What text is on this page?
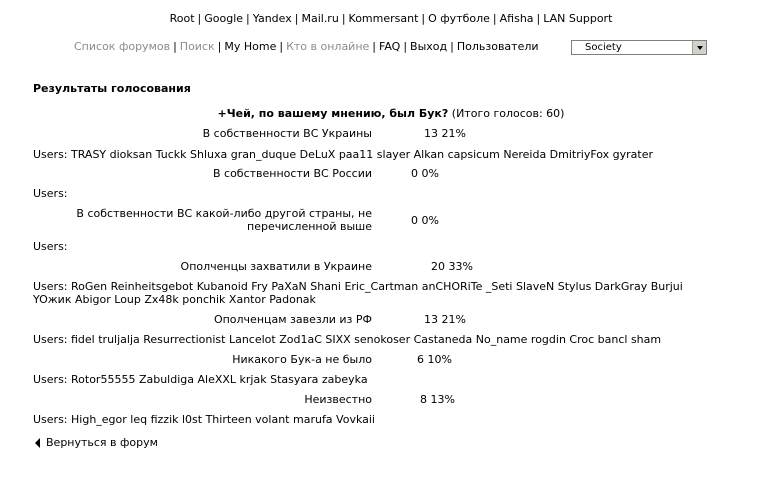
Root | Google | Yandex | Mail.ru | Kommersant | О футболе | Afisha | LAN Support
Список форумов | Поиск | My Home | Кто в онлайне | FAQ | Выход | Пользователи	Society
Результаты голосования
+Чей, по вашему мнению, был Бук? (Итого голосов: 60)
В собственности ВС Украины	13 21%
Users: TRASY dioksan Tuckk Shluxa gran_duque DeLuX paa11 slayer Alkan capsicum Nereida DmitriyFox gyrater
В собственности ВС России	0 0%
Users:
В собственности ВС какой-либо другой страны, не
перечисленной выше	0 0%
Users:
Ополченцы захватили в Украине	20 33%
Users: RoGen Reinheitsgebot Kubanoid Fry PaXaN Shani Eric_Cartman anCHORiTe _Seti SlaveN Stylus DarkGray Burjui
YOжик Abigor Loup Zx48k ponchik Xantor Padonak
Ополченцам завезли из РФ	13 21%
Users: fidel truljalja Resurrectionist Lancelot Zod1aC SIXX senokoser Castaneda No_name rogdin Croc bancl sham
Никакого Бук-а не было	6 10%
Users: Rotor55555 Zabuldiga AleXXL krjak Stasyara zabeyka
Неизвестно	8 13%
Users: High_egor leq fizzik l0st Thirteen volant marufa Vovkaii
Вернуться в форум
